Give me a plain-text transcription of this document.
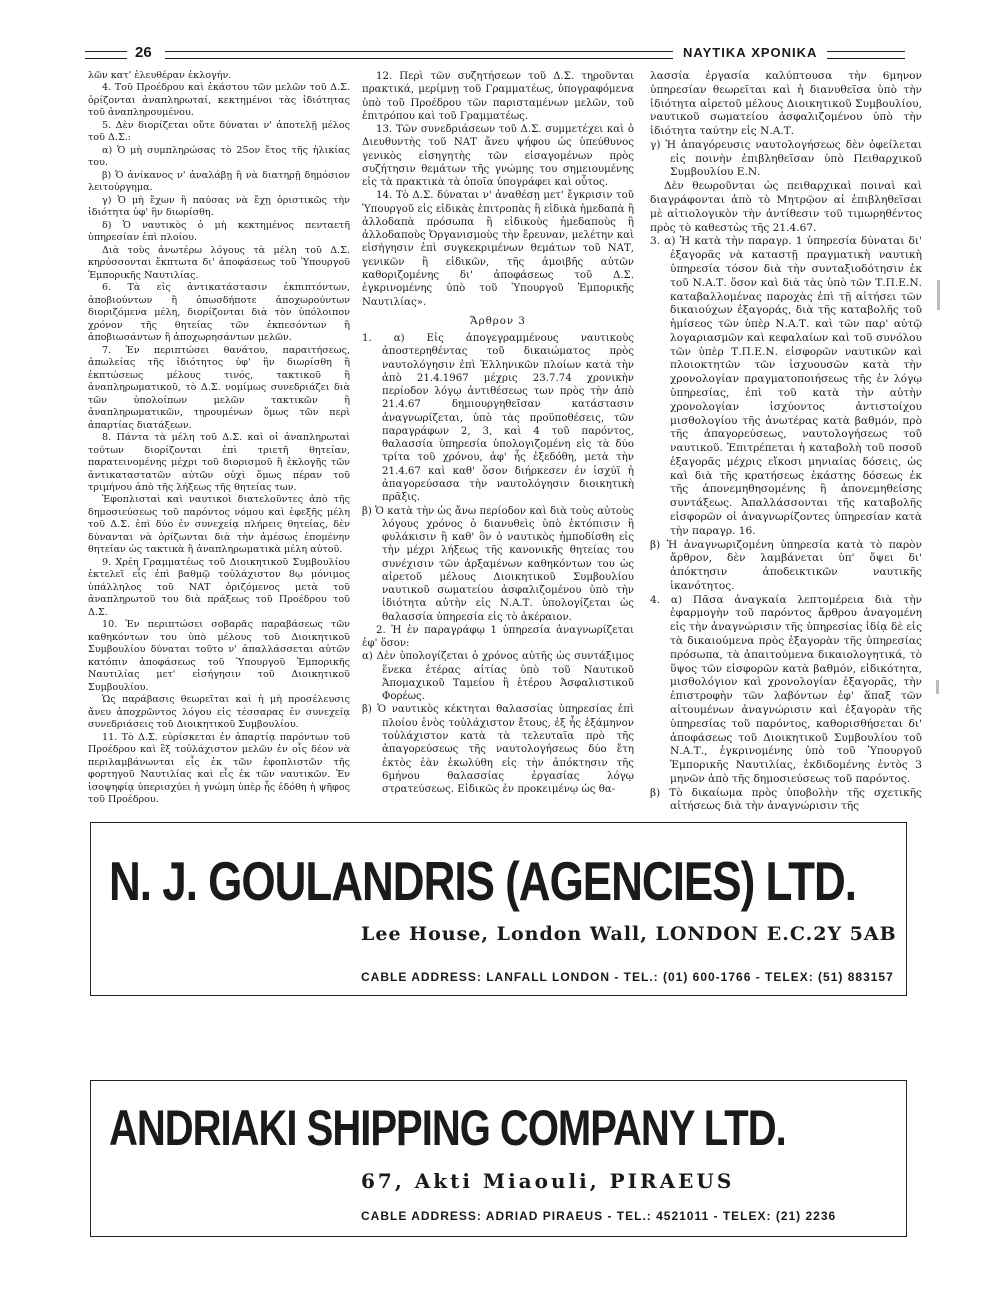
26	ΝΑΥΤΙΚΑ ΧΡΟΝΙΚΑ

λῶν κατ' ἐλευθέραν ἐκλογήν.

4. Τοῦ Προέδρου καὶ ἑκάστου τῶν μελῶν τοῦ Δ.Σ. ὁρίζονται ἀναπληρωταί, κεκτημένοι τὰς ἰδιότητας τοῦ ἀναπληρουμένου.

5. Δὲν διορίζεται οὔτε δύναται ν' ἀποτελῇ μέλος τοῦ Δ.Σ.:

α) Ὁ μὴ συμπληρώσας τὸ 25ον ἔτος τῆς ἡλικίας του.

β) Ὁ ἀνίκανος ν' ἀναλάβῃ ἢ νὰ διατηρῇ δημόσιον λειτούργημα.

γ) Ὁ μὴ ἔχων ἢ παύσας νὰ ἔχῃ ὁριστικῶς τὴν ἰδιότητα ὑφ' ἣν διωρίσθη.

δ) Ὁ ναυτικὸς ὁ μὴ κεκτημένος πενταετῆ ὑπηρεσίαν ἐπὶ πλοίου.

Διὰ τοὺς ἀνωτέρω λόγους τὰ μέλη τοῦ Δ.Σ. κηρύσσονται ἔκπτωτα δι' ἀποφάσεως τοῦ Ὑπουργοῦ Ἐμπορικῆς Ναυτιλίας.

6. Τὰ εἰς ἀντικατάστασιν ἐκπιπτόντων, ἀποβιούντων ἢ ὁπωσδήποτε ἀποχωρούντων διοριζόμενα μέλη, διορίζονται διὰ τὸν ὑπόλοιπον χρόνον τῆς θητείας τῶν ἐκπεσόντων ἢ ἀποβιωσάντων ἢ ἀποχωρησάντων μελῶν.

7. Ἐν περιπτώσει θανάτου, παραιτήσεως, ἀπωλείας τῆς ἰδιότητος ὑφ' ἣν διωρίσθη ἢ ἐκπτώσεως μέλους τινός, τακτικοῦ ἢ ἀναπληρωματικοῦ, τὸ Δ.Σ. νομίμως συνεδριάζει διὰ τῶν ὑπολοίπων μελῶν τακτικῶν ἢ ἀναπληρωματικῶν, τηρουμένων ὅμως τῶν περὶ ἀπαρτίας διατάξεων.

8. Πάντα τὰ μέλη τοῦ Δ.Σ. καὶ οἱ ἀναπληρωταὶ τούτων διορίζονται ἐπὶ τριετῆ θητείαν, παρατεινομένης μέχρι τοῦ διορισμοῦ ἢ ἐκλογῆς τῶν ἀντικαταστατῶν αὐτῶν οὐχὶ ὅμως πέραν τοῦ τριμήνου ἀπὸ τῆς λήξεως τῆς θητείας των.

Ἐφοπλισταὶ καὶ ναυτικοὶ διατελοῦντες ἀπὸ τῆς δημοσιεύσεως τοῦ παρόντος νόμου καὶ ἐφεξῆς μέλη τοῦ Δ.Σ. ἐπὶ δύο ἐν συνεχείᾳ πλήρεις θητείας, δὲν δύνανται νὰ ὁρίζωνται διὰ τὴν ἀμέσως ἑπομένην θητείαν ὡς τακτικὰ ἢ ἀναπληρωματικὰ μέλη αὐτοῦ.

9. Χρέη Γραμματέως τοῦ Διοικητικοῦ Συμβουλίου ἐκτελεῖ εἷς ἐπὶ βαθμῷ τοὐλάχιστον 8ῳ μόνιμος ὑπάλληλος τοῦ ΝΑΤ ὁριζόμενος μετὰ τοῦ ἀναπληρωτοῦ του διὰ πράξεως τοῦ Προέδρου τοῦ Δ.Σ.

10. Ἐν περιπτώσει σοβαρᾶς παραβάσεως τῶν καθηκόντων του ὑπὸ μέλους τοῦ Διοικητικοῦ Συμβουλίου δύναται τοῦτο ν' ἀπαλλάσσεται αὐτῶν κατόπιν ἀποφάσεως τοῦ Ὑπουργοῦ Ἐμπορικῆς Ναυτιλίας μετ' εἰσήγησιν τοῦ Διοικητικοῦ Συμβουλίου.

Ὡς παράβασις θεωρεῖται καὶ ἡ μὴ προσέλευσις ἄνευ ἀποχρῶντος λόγου εἰς τέσσαρας ἐν συνεχείᾳ συνεδριάσεις τοῦ Διοικητικοῦ Συμβουλίου.

11. Τὸ Δ.Σ. εὑρίσκεται ἐν ἀπαρτίᾳ παρόντων τοῦ Προέδρου καὶ ἓξ τοὐλάχιστον μελῶν ἐν οἷς δέον νὰ περιλαμβάνωνται εἷς ἐκ τῶν ἐφοπλιστῶν τῆς φορτηγοῦ Ναυτιλίας καὶ εἷς ἐκ τῶν ναυτικῶν. Ἐν ἰσοψηφίᾳ ὑπερισχύει ἡ γνώμη ὑπὲρ ἧς ἐδόθη ἡ ψῆφος τοῦ Προέδρου.

12. Περὶ τῶν συζητήσεων τοῦ Δ.Σ. τηροῦνται πρακτικά, μερίμνῃ τοῦ Γραμματέως, ὑπογραφόμενα ὑπὸ τοῦ Προέδρου τῶν παρισταμένων μελῶν, τοῦ ἐπιτρόπου καὶ τοῦ Γραμματέως.

13. Τῶν συνεδριάσεων τοῦ Δ.Σ. συμμετέχει καὶ ὁ Διευθυντὴς τοῦ ΝΑΤ ἄνευ ψήφου ὡς ὑπεύθυνος γενικὸς εἰσηγητὴς τῶν εἰσαγομένων πρὸς συζήτησιν θεμάτων τῆς γνώμης του σημειουμένης εἰς τὰ πρακτικὰ τὰ ὁποῖα ὑπογράφει καὶ οὗτος.

14. Τὸ Δ.Σ. δύναται ν' ἀναθέσῃ μετ' ἔγκρισιν τοῦ Ὑπουργοῦ εἰς εἰδικὰς ἐπιτροπὰς ἢ εἰδικὰ ἡμεδαπὰ ἢ ἀλλοδαπὰ πρόσωπα ἢ εἰδικοὺς ἡμεδαποὺς ἢ ἀλλοδαποὺς Ὀργανισμοὺς τὴν ἔρευναν, μελέτην καὶ εἰσήγησιν ἐπὶ συγκεκριμένων θεμάτων τοῦ ΝΑΤ, γενικῶν ἢ εἰδικῶν, τῆς ἀμοιβῆς αὐτῶν καθοριζομένης δι' ἀποφάσεως τοῦ Δ.Σ. ἐγκρινομένης ὑπὸ τοῦ Ὑπουργοῦ Ἐμπορικῆς Ναυτιλίας».

Ἄρθρον 3

1. α) Εἰς ἀπογεγραμμένους ναυτικοὺς ἀποστερηθέντας τοῦ δικαιώματος πρὸς ναυτολόγησιν ἐπὶ Ἑλληνικῶν πλοίων κατὰ τὴν ἀπὸ 21.4.1967 μέχρις 23.7.74 χρονικὴν περίοδον λόγῳ ἀντιθέσεως των πρὸς τὴν ἀπὸ 21.4.67 δημιουργηθεῖσαν κατάστασιν ἀναγνωρίζεται, ὑπὸ τὰς προϋποθέσεις, τῶν παραγράφων 2, 3, καὶ 4 τοῦ παρόντος, θαλασσία ὑπηρεσία ὑπολογιζομένη εἰς τὰ δύο τρίτα τοῦ χρόνου, ἀφ' ἧς ἐξεδόθη, μετὰ τὴν 21.4.67 καὶ καθ' ὅσον διήρκεσεν ἐν ἰσχύϊ ἡ ἀπαγορεύσασα τὴν ναυτολόγησιν διοικητικὴ πρᾶξις.

β) Ὁ κατὰ τὴν ὡς ἄνω περίοδον καὶ διὰ τοὺς αὐτοὺς λόγους χρόνος ὁ διανυθεὶς ὑπὸ ἐκτόπισιν ἢ φυλάκισιν ἢ καθ' ὃν ὁ ναυτικὸς ἠμποδίσθη εἰς τὴν μέχρι λήξεως τῆς κανονικῆς θητείας του συνέχισιν τῶν ἀρξαμένων καθηκόντων του ὡς αἱρετοῦ μέλους Διοικητικοῦ Συμβουλίου ναυτικοῦ σωματείου ἀσφαλιζομένου ὑπὸ τὴν ἰδιότητα αὐτὴν εἰς Ν.Α.Τ. ὑπολογίζεται ὡς θαλασσία ὑπηρεσία εἰς τὸ ἀκέραιον.

2. Ἡ ἐν παραγράφῳ 1 ὑπηρεσία ἀναγνωρίζεται ἐφ' ὅσον:

α) Δὲν ὑπολογίζεται ὁ χρόνος αὐτῆς ὡς συντάξιμος ἕνεκα ἑτέρας αἰτίας ὑπὸ τοῦ Ναυτικοῦ Ἀπομαχικοῦ Ταμείου ἢ ἑτέρου Ἀσφαλιστικοῦ Φορέως.

β) Ὁ ναυτικὸς κέκτηται θαλασσίας ὑπηρεσίας ἐπὶ πλοίου ἑνὸς τοὐλάχιστον ἔτους, ἐξ ἧς ἑξάμηνον τοὐλάχιστον κατὰ τὰ τελευταῖα πρὸ τῆς ἀπαγορεύσεως τῆς ναυτολογήσεως δύο ἔτη ἐκτὸς ἐὰν ἐκωλύθη εἰς τὴν ἀπόκτησιν τῆς 6μήνου θαλασσίας ἐργασίας λόγῳ στρατεύσεως. Εἰδικῶς ἐν προκειμένῳ ὡς θα-

λασσία ἐργασία καλύπτουσα τὴν 6μηνον ὑπηρεσίαν θεωρεῖται καὶ ἡ διανυθεῖσα ὑπὸ τὴν ἰδιότητα αἱρετοῦ μέλους Διοικητικοῦ Συμβουλίου, ναυτικοῦ σωματείου ἀσφαλιζομένου ὑπὸ τὴν ἰδιότητα ταύτην εἰς Ν.Α.Τ.

γ) Ἡ ἀπαγόρευσις ναυτολογήσεως δὲν ὀφείλεται εἰς ποινὴν ἐπιβληθεῖσαν ὑπὸ Πειθαρχικοῦ Συμβουλίου Ε.Ν.

Δὲν θεωροῦνται ὡς πειθαρχικαὶ ποιναὶ καὶ διαγράφονται ἀπὸ τὸ Μητρῷον αἱ ἐπιβληθεῖσαι μὲ αἰτιολογικὸν τὴν ἀντίθεσιν τοῦ τιμωρηθέντος πρὸς τὸ καθεστὼς τῆς 21.4.67.

3. α) Ἡ κατὰ τὴν παραγρ. 1 ὑπηρεσία δύναται δι' ἐξαγορᾶς νὰ καταστῇ πραγματικὴ ναυτικὴ ὑπηρεσία τόσον διὰ τὴν συνταξιοδότησιν ἐκ τοῦ Ν.Α.Τ. ὅσον καὶ διὰ τὰς ὑπὸ τῶν Τ.Π.Ε.Ν. καταβαλλομένας παροχὰς ἐπὶ τῇ αἰτήσει τῶν δικαιούχων ἐξαγοράς, διὰ τῆς καταβολῆς τοῦ ἡμίσεος τῶν ὑπὲρ Ν.Α.Τ. καὶ τῶν παρ' αὐτῷ λογαριασμῶν καὶ κεφαλαίων καὶ τοῦ συνόλου τῶν ὑπὲρ Τ.Π.Ε.Ν. εἰσφορῶν ναυτικῶν καὶ πλοιοκτητῶν τῶν ἰσχυουσῶν κατὰ τὴν χρονολογίαν πραγματοποιήσεως τῆς ἐν λόγῳ ὑπηρεσίας, ἐπὶ τοῦ κατὰ τὴν αὐτὴν χρονολογίαν ἰσχύοντος ἀντιστοίχου μισθολογίου τῆς ἀνωτέρας κατὰ βαθμόν, πρὸ τῆς ἀπαγορεύσεως, ναυτολογήσεως τοῦ ναυτικοῦ. Ἐπιτρέπεται ἡ καταβολὴ τοῦ ποσοῦ ἐξαγορᾶς μέχρις εἴκοσι μηνιαίας δόσεις, ὡς καὶ διὰ τῆς κρατήσεως ἑκάστης δόσεως ἐκ τῆς ἀπονεμηθησομένης ἢ ἀπονεμηθείσης συντάξεως. Ἀπαλλάσσονται τῆς καταβολῆς εἰσφορῶν οἱ ἀναγνωρίζοντες ὑπηρεσίαν κατὰ τὴν παραγρ. 16.

β) Ἡ ἀναγνωριζομένη ὑπηρεσία κατὰ τὸ παρὸν ἄρθρον, δὲν λαμβάνεται ὑπ' ὄψει δι' ἀπόκτησιν ἀποδεικτικῶν ναυτικῆς ἱκανότητος.

4. α) Πᾶσα ἀναγκαία λεπτομέρεια διὰ τὴν ἐφαρμογὴν τοῦ παρόντος ἄρθρου ἀναγομένη εἰς τὴν ἀναγνώρισιν τῆς ὑπηρεσίας ἰδίᾳ δὲ εἰς τὰ δικαιούμενα πρὸς ἐξαγορὰν τῆς ὑπηρεσίας πρόσωπα, τὰ ἀπαιτούμενα δικαιολογητικά, τὸ ὕψος τῶν εἰσφορῶν κατὰ βαθμόν, εἰδικότητα, μισθολόγιον καὶ χρονολογίαν ἐξαγορᾶς, τὴν ἐπιστροφὴν τῶν λαβόντων ἐφ' ἅπαξ τῶν αἰτουμένων ἀναγνώρισιν καὶ ἐξαγορὰν τῆς ὑπηρεσίας τοῦ παρόντος, καθορισθήσεται δι' ἀποφάσεως τοῦ Διοικητικοῦ Συμβουλίου τοῦ Ν.Α.Τ., ἐγκρινομένης ὑπὸ τοῦ Ὑπουργοῦ Ἐμπορικῆς Ναυτιλίας, ἐκδιδομένης ἐντὸς 3 μηνῶν ἀπὸ τῆς δημοσιεύσεως τοῦ παρόντος.

β) Τὸ δικαίωμα πρὸς ὑποβολὴν τῆς σχετικῆς αἰτήσεως διὰ τὴν ἀναγνώρισιν τῆς

N. J. GOULANDRIS (AGENCIES) LTD.
Lee House, London Wall, LONDON E.C.2Y 5AB
CABLE ADDRESS: LANFALL LONDON - TEL.: (01) 600-1766 - TELEX: (51) 883157
ANDRIAKI SHIPPING COMPANY LTD.
67, Akti Miaouli, PIRAEUS
CABLE ADDRESS: ADRIAD PIRAEUS - TEL.: 4521011 - TELEX: (21) 2236
